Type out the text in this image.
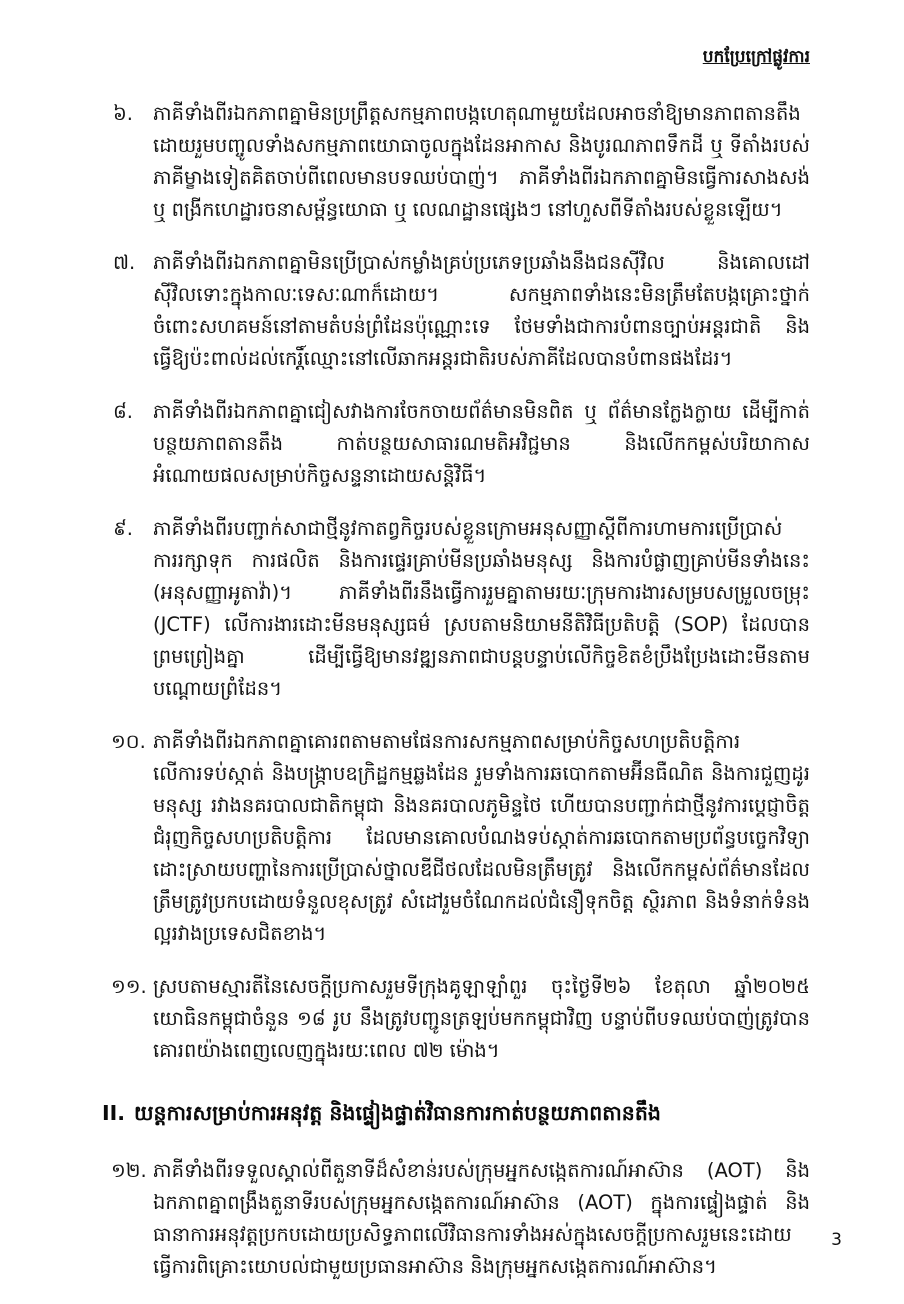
បកប្រែក្រៅផ្លូវការ
៦. ភាគីទាំងពីរឯកភាពគ្នាមិនប្រព្រឹត្តសកម្មភាពបង្កហេតុណាមួយដែលអាចនាំឱ្យមានភាពតានតឹង ដោយរួមបញ្ចូលទាំងសកម្មភាពយោធាចូលក្នុងដែនអាកាស និងបូរណភាពទឹកដី ឬ ទីតាំងរបស់ភាគីម្ខាងទៀតគិតចាប់ពីពេលមានបទឈប់បាញ់។ ភាគីទាំងពីរឯកភាពគ្នាមិនធ្វើការសាងសង់ ឬ ពង្រីកហេដ្ឋារចនាសម្ព័ន្ធយោធា ឬ លេណដ្ឋានផ្សេងៗ នៅហួសពីទីតាំងរបស់ខ្លួនឡើយ។
៧. ភាគីទាំងពីរឯកភាពគ្នាមិនប្រើប្រាស់កម្លាំងគ្រប់ប្រភេទប្រឆាំងនឹងជនស៊ីវិល និងគោលដៅស៊ីវិលទោះក្នុងកាលៈទេសៈណាក៏ដោយ។ សកម្មភាពទាំងនេះមិនត្រឹមតែបង្កគ្រោះថ្នាក់ចំពោះសហគមន៍នៅតាមតំបន់ព្រំដែនប៉ុណ្ណោះទេ ថែមទាំងជាការបំពានច្បាប់អន្តរជាតិ និងធ្វើឱ្យប៉ះពាល់ដល់កេរ្តិ៍ឈ្មោះនៅលើឆាកអន្តរជាតិរបស់ភាគីដែលបានបំពានផងដែរ។
៨. ភាគីទាំងពីរឯកភាពគ្នាជៀសវាងការចែកចាយព័ត៌មានមិនពិត ឬ ព័ត៌មានក្លែងក្លាយ ដើម្បីកាត់បន្ថយភាពតានតឹង កាត់បន្ថយសាធារណមតិអវិជ្ជមាន និងលើកកម្ពស់បរិយាកាសអំណោយផលសម្រាប់កិច្ចសន្ទនាដោយសន្តិវិធី។
៩. ភាគីទាំងពីរបញ្ជាក់សាជាថ្មីនូវកាតព្វកិច្ចរបស់ខ្លួនក្រោមអនុសញ្ញាស្តីពីការហាមការប្រើប្រាស់ ការរក្សាទុក ការផលិត និងការផ្ទេរគ្រាប់មីនប្រឆាំងមនុស្ស និងការបំផ្លាញគ្រាប់មីនទាំងនេះ (អនុសញ្ញាអូតាវ៉ា)។ ភាគីទាំងពីរនឹងធ្វើការរួមគ្នាតាមរយៈក្រុមការងារសម្របសម្រួលចម្រុះ (JCTF) លើការងារដោះមីនមនុស្សធម៌ ស្របតាមនិយាមនីតិវិធីប្រតិបត្តិ (SOP) ដែលបានព្រមព្រៀងគ្នា ដើម្បីធ្វើឱ្យមានវឌ្ឍនភាពជាបន្តបន្ទាប់លើកិច្ចខិតខំប្រឹងប្រែងដោះមីនតាមបណ្តោយព្រំដែន។
១០. ភាគីទាំងពីរឯកភាពគ្នាគោរពតាមតាមផែនការសកម្មភាពសម្រាប់កិច្ចសហប្រតិបត្តិការលើការទប់ស្កាត់ និងបង្ក្រាបឧក្រិដ្ឋកម្មឆ្លងដែន រួមទាំងការឆបោកតាមអ៊ីនធឺណិត និងការជួញដូរមនុស្ស រវាងនគរបាលជាតិកម្ពុជា និងនគរបាលភូមិន្ទថៃ ហើយបានបញ្ជាក់ជាថ្មីនូវការប្តេជ្ញាចិត្តជំរុញកិច្ចសហប្រតិបត្តិការ ដែលមានគោលបំណងទប់ស្កាត់ការឆបោកតាមប្រព័ន្ធបច្ចេកវិទ្យា ដោះស្រាយបញ្ហានៃការប្រើប្រាស់ថ្នាលឌីជីថលដែលមិនត្រឹមត្រូវ និងលើកកម្ពស់ព័ត៌មានដែលត្រឹមត្រូវប្រកបដោយទំនួលខុសត្រូវ សំដៅរួមចំណែកដល់ជំនឿទុកចិត្ត ស្ថិរភាព និងទំនាក់ទំនងល្អរវាងប្រទេសជិតខាង។
១១. ស្របតាមស្មារតីនៃសេចក្តីប្រកាសរួមទីក្រុងគូឡាឡាំពួរ ចុះថ្ងៃទី២៦ ខែតុលា ឆ្នាំ២០២៥ យោធិនកម្ពុជាចំនួន ១៨ រូប នឹងត្រូវបញ្ជូនត្រឡប់មកកម្ពុជាវិញ បន្ទាប់ពីបទឈប់បាញ់ត្រូវបានគោរពយ៉ាងពេញលេញក្នុងរយៈពេល ៧២ ម៉ោង។
II. យន្តការសម្រាប់ការអនុវត្ត និងផ្ទៀងផ្ទាត់វិធានការកាត់បន្ថយភាពតានតឹង
១២. ភាគីទាំងពីរទទួលស្គាល់ពីតួនាទីដ៏សំខាន់របស់ក្រុមអ្នកសង្កេតការណ៍អាស៊ាន (AOT) និងឯកភាពគ្នាពង្រឹងតួនាទីរបស់ក្រុមអ្នកសង្កេតការណ៍អាស៊ាន (AOT) ក្នុងការផ្ទៀងផ្ទាត់ និងធានាការអនុវត្តប្រកបដោយប្រសិទ្ធភាពលើវិធានការទាំងអស់ក្នុងសេចក្តីប្រកាសរួមនេះដោយធ្វើការពិគ្រោះយោបល់ជាមួយប្រធានអាស៊ាន និងក្រុមអ្នកសង្កេតការណ៍អាស៊ាន។
3
